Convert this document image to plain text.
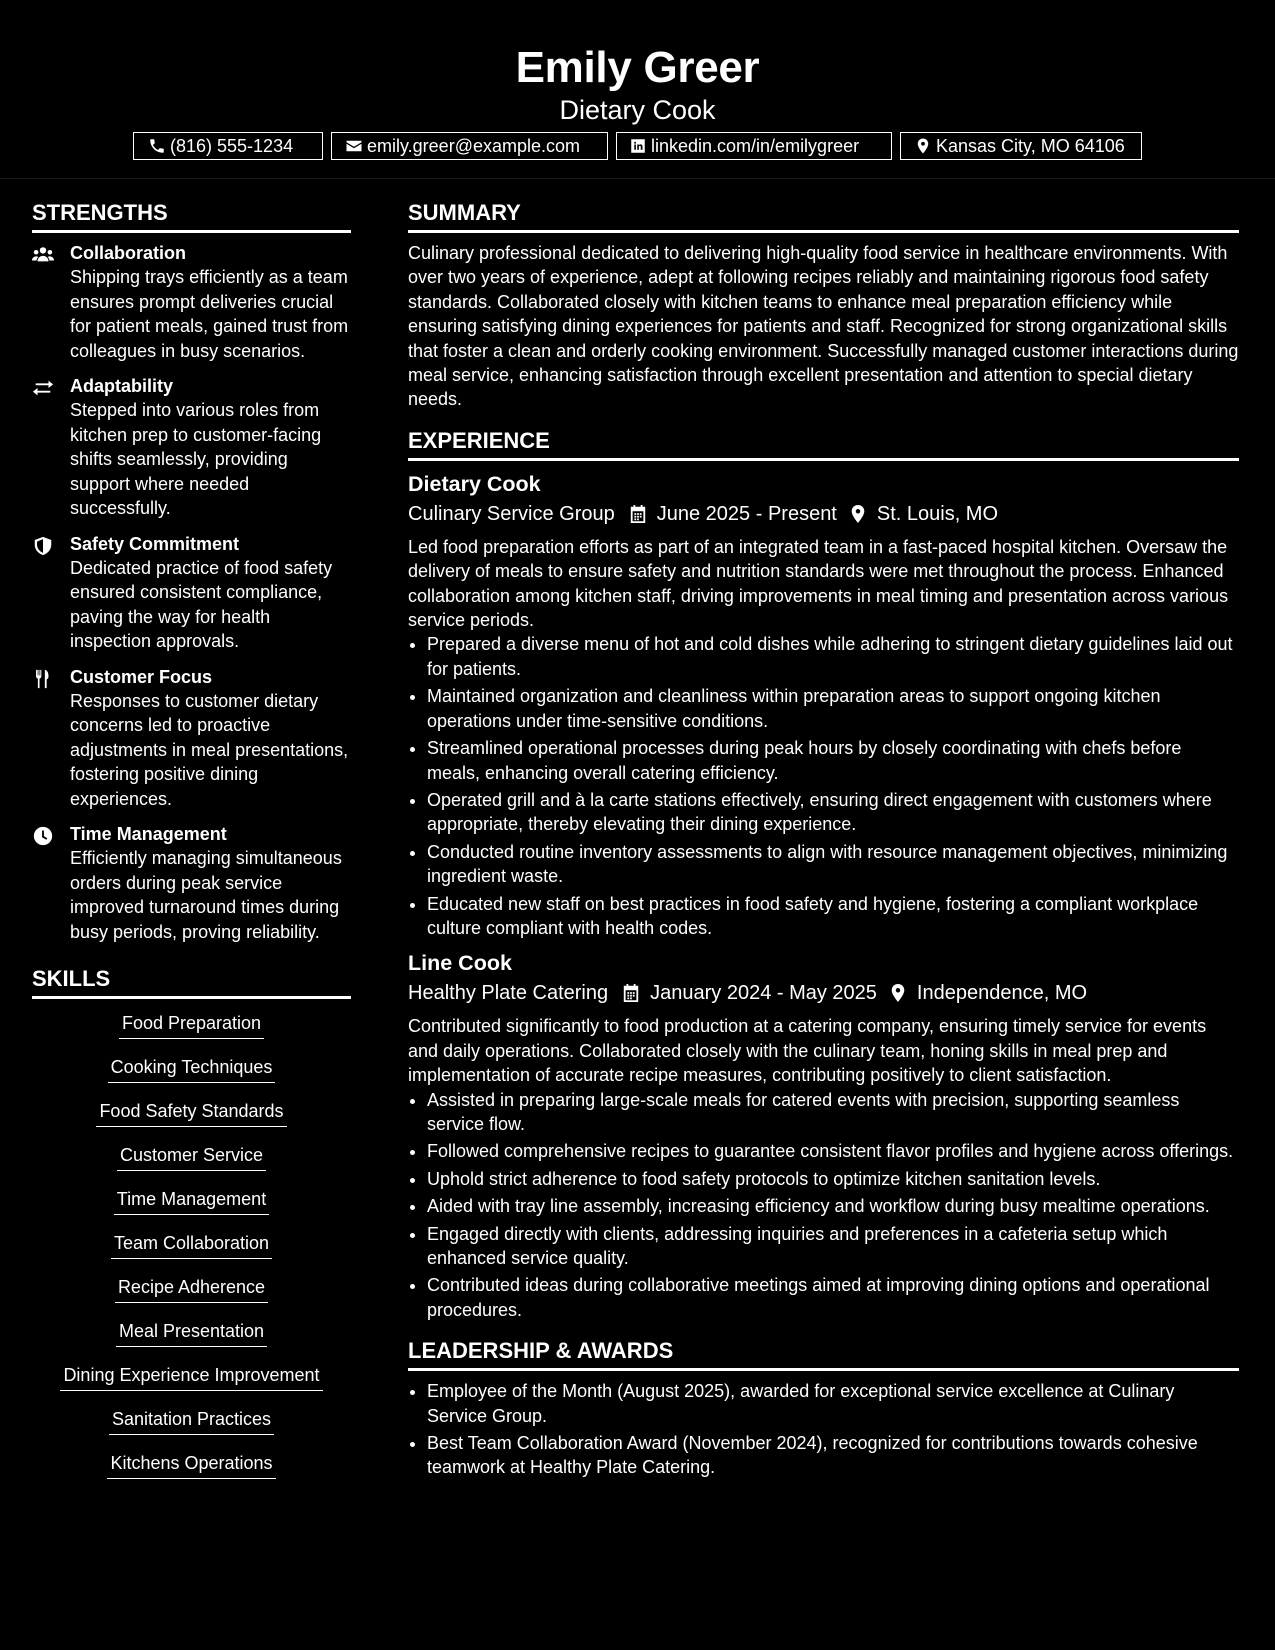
Emily Greer
Dietary Cook
(816) 555-1234	emily.greer@example.com	linkedin.com/in/emilygreer	Kansas City, MO 64106
STRENGTHS
Collaboration
Shipping trays efficiently as a team ensures prompt deliveries crucial for patient meals, gained trust from colleagues in busy scenarios.
Adaptability
Stepped into various roles from kitchen prep to customer-facing shifts seamlessly, providing support where needed successfully.
Safety Commitment
Dedicated practice of food safety ensured consistent compliance, paving the way for health inspection approvals.
Customer Focus
Responses to customer dietary concerns led to proactive adjustments in meal presentations, fostering positive dining experiences.
Time Management
Efficiently managing simultaneous orders during peak service improved turnaround times during busy periods, proving reliability.
SKILLS
Food Preparation
Cooking Techniques
Food Safety Standards
Customer Service
Time Management
Team Collaboration
Recipe Adherence
Meal Presentation
Dining Experience Improvement
Sanitation Practices
Kitchens Operations
SUMMARY
Culinary professional dedicated to delivering high-quality food service in healthcare environments. With over two years of experience, adept at following recipes reliably and maintaining rigorous food safety standards. Collaborated closely with kitchen teams to enhance meal preparation efficiency while ensuring satisfying dining experiences for patients and staff. Recognized for strong organizational skills that foster a clean and orderly cooking environment. Successfully managed customer interactions during meal service, enhancing satisfaction through excellent presentation and attention to special dietary needs.
EXPERIENCE
Dietary Cook
Culinary Service Group June 2025 - Present St. Louis, MO
Led food preparation efforts as part of an integrated team in a fast-paced hospital kitchen. Oversaw the delivery of meals to ensure safety and nutrition standards were met throughout the process. Enhanced collaboration among kitchen staff, driving improvements in meal timing and presentation across various service periods.
• Prepared a diverse menu of hot and cold dishes while adhering to stringent dietary guidelines laid out for patients.
• Maintained organization and cleanliness within preparation areas to support ongoing kitchen operations under time-sensitive conditions.
• Streamlined operational processes during peak hours by closely coordinating with chefs before meals, enhancing overall catering efficiency.
• Operated grill and à la carte stations effectively, ensuring direct engagement with customers where appropriate, thereby elevating their dining experience.
• Conducted routine inventory assessments to align with resource management objectives, minimizing ingredient waste.
• Educated new staff on best practices in food safety and hygiene, fostering a compliant workplace culture compliant with health codes.
Line Cook
Healthy Plate Catering January 2024 - May 2025 Independence, MO
Contributed significantly to food production at a catering company, ensuring timely service for events and daily operations. Collaborated closely with the culinary team, honing skills in meal prep and implementation of accurate recipe measures, contributing positively to client satisfaction.
• Assisted in preparing large-scale meals for catered events with precision, supporting seamless service flow.
• Followed comprehensive recipes to guarantee consistent flavor profiles and hygiene across offerings.
• Uphold strict adherence to food safety protocols to optimize kitchen sanitation levels.
• Aided with tray line assembly, increasing efficiency and workflow during busy mealtime operations.
• Engaged directly with clients, addressing inquiries and preferences in a cafeteria setup which enhanced service quality.
• Contributed ideas during collaborative meetings aimed at improving dining options and operational procedures.
LEADERSHIP & AWARDS
• Employee of the Month (August 2025), awarded for exceptional service excellence at Culinary Service Group.
• Best Team Collaboration Award (November 2024), recognized for contributions towards cohesive teamwork at Healthy Plate Catering.
